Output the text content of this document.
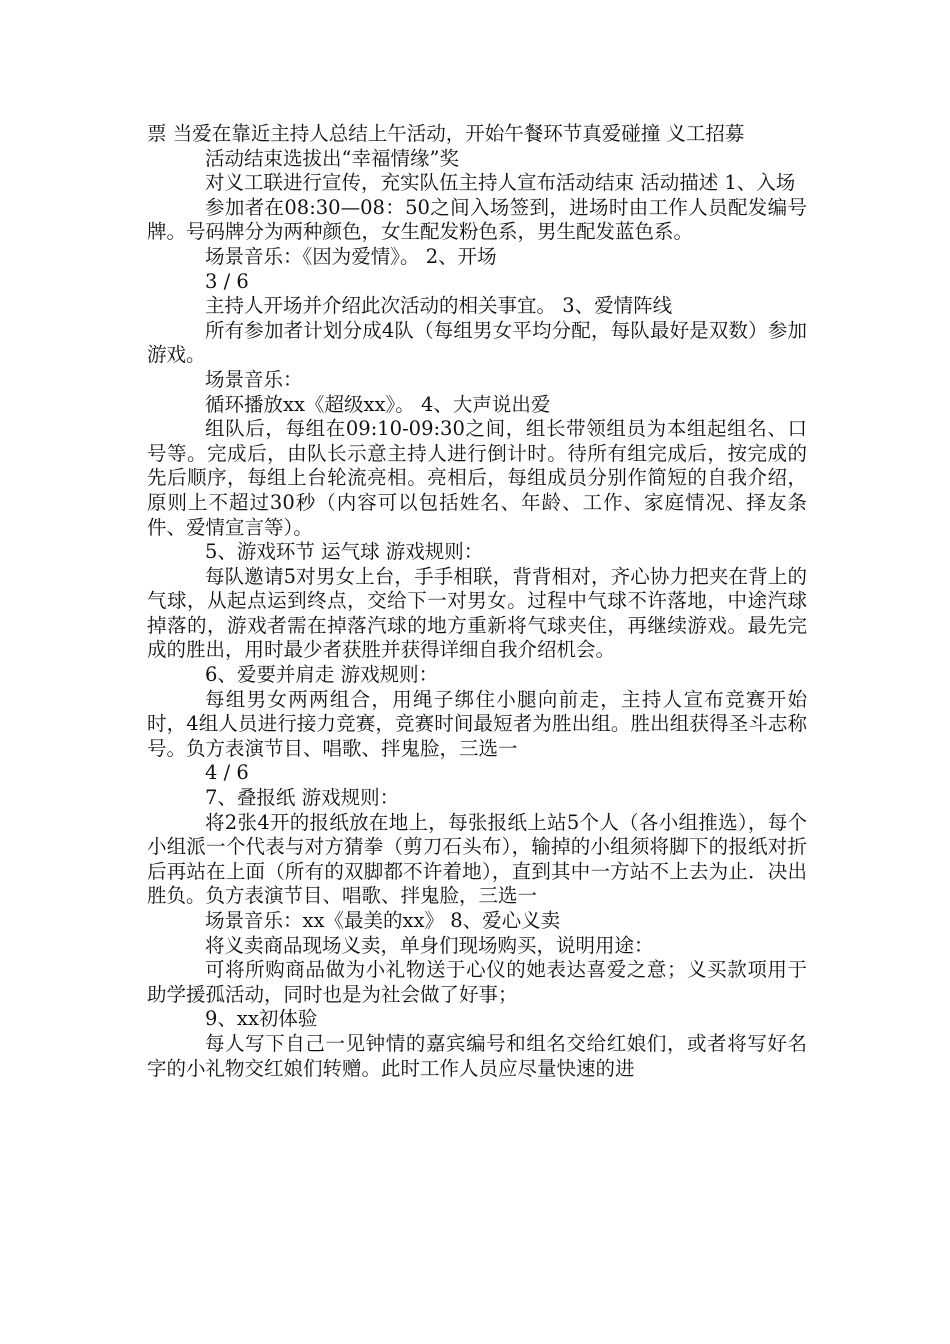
票 当爱在靠近主持人总结上午活动，开始午餐环节真爱碰撞 义工招募

活动结束选拔出“幸福情缘”奖

对义工联进行宣传，充实队伍主持人宣布活动结束 活动描述 1、入场

参加者在08:30—08：50之间入场签到，进场时由工作人员配发编号牌。号码牌分为两种颜色，女生配发粉色系，男生配发蓝色系。

场景音乐：《因为爱情》。 2、开场

3 / 6

主持人开场并介绍此次活动的相关事宜。 3、爱情阵线

所有参加者计划分成4队（每组男女平均分配，每队最好是双数）参加游戏。

场景音乐：

循环播放xx《超级xx》。 4、大声说出爱

组队后，每组在09:10-09:30之间，组长带领组员为本组起组名、口号等。完成后，由队长示意主持人进行倒计时。待所有组完成后，按完成的先后顺序，每组上台轮流亮相。亮相后，每组成员分别作简短的自我介绍，原则上不超过30秒（内容可以包括姓名、年龄、工作、家庭情况、择友条件、爱情宣言等）。

5、游戏环节 运气球 游戏规则：

每队邀请5对男女上台，手手相联，背背相对，齐心协力把夹在背上的气球，从起点运到终点，交给下一对男女。过程中气球不许落地，中途汽球掉落的，游戏者需在掉落汽球的地方重新将气球夹住，再继续游戏。最先完成的胜出，用时最少者获胜并获得详细自我介绍机会。

6、爱要并肩走 游戏规则：

每组男女两两组合，用绳子绑住小腿向前走，主持人宣布竞赛开始时，4组人员进行接力竞赛，竞赛时间最短者为胜出组。胜出组获得圣斗志称号。负方表演节目、唱歌、拌鬼脸，三选一

4 / 6

7、叠报纸 游戏规则：

将2张4开的报纸放在地上，每张报纸上站5个人（各小组推选），每个小组派一个代表与对方猜拳（剪刀石头布），输掉的小组须将脚下的报纸对折后再站在上面（所有的双脚都不许着地），直到其中一方站不上去为止．决出胜负。负方表演节目、唱歌、拌鬼脸，三选一

场景音乐：xx《最美的xx》 8、爱心义卖

将义卖商品现场义卖，单身们现场购买，说明用途：

可将所购商品做为小礼物送于心仪的她表达喜爱之意；义买款项用于助学援孤活动，同时也是为社会做了好事；

9、xx初体验

每人写下自己一见钟情的嘉宾编号和组名交给红娘们，或者将写好名字的小礼物交红娘们转赠。此时工作人员应尽量快速的进
